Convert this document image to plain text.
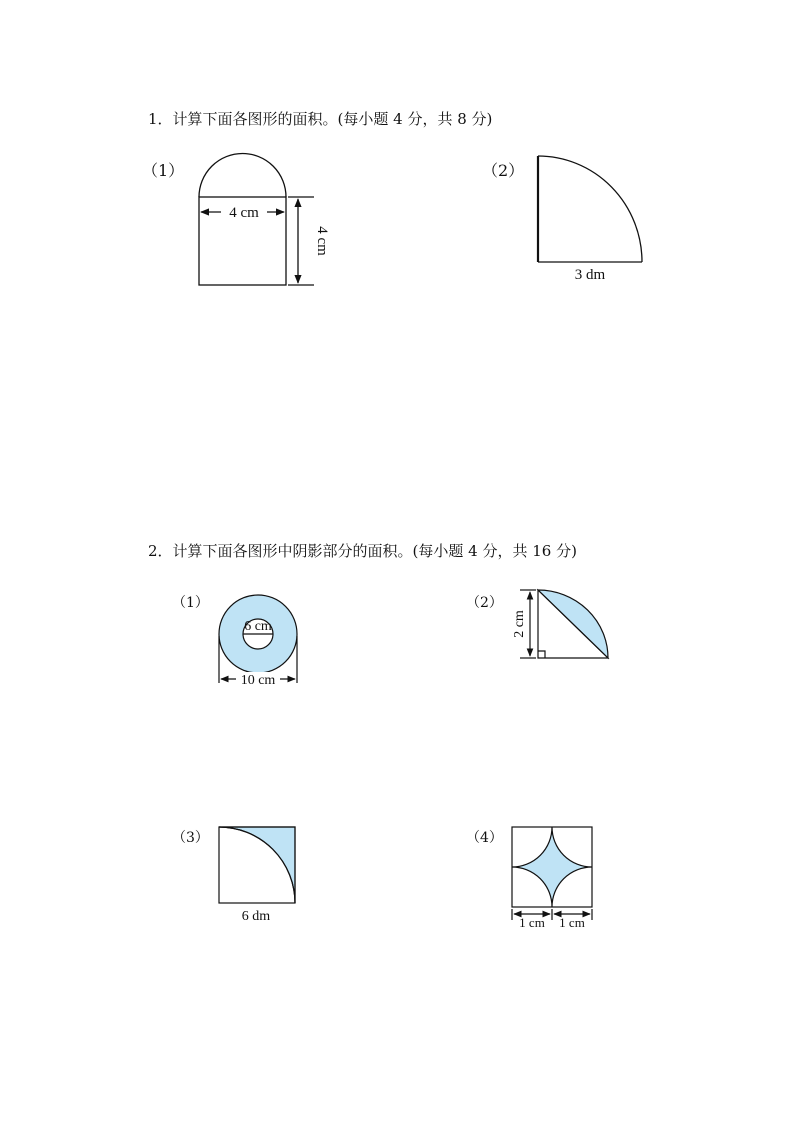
1．计算下面各图形的面积。(每小题 4 分，共 8 分)
（1）	（2）
2．计算下面各图形中阴影部分的面积。(每小题 4 分，共 16 分)
（1）	（2）
（3）	（4）
4 cm
4 cm
3 dm
6 cm
10 cm
2 cm
6 dm	1 cm 1 cm
